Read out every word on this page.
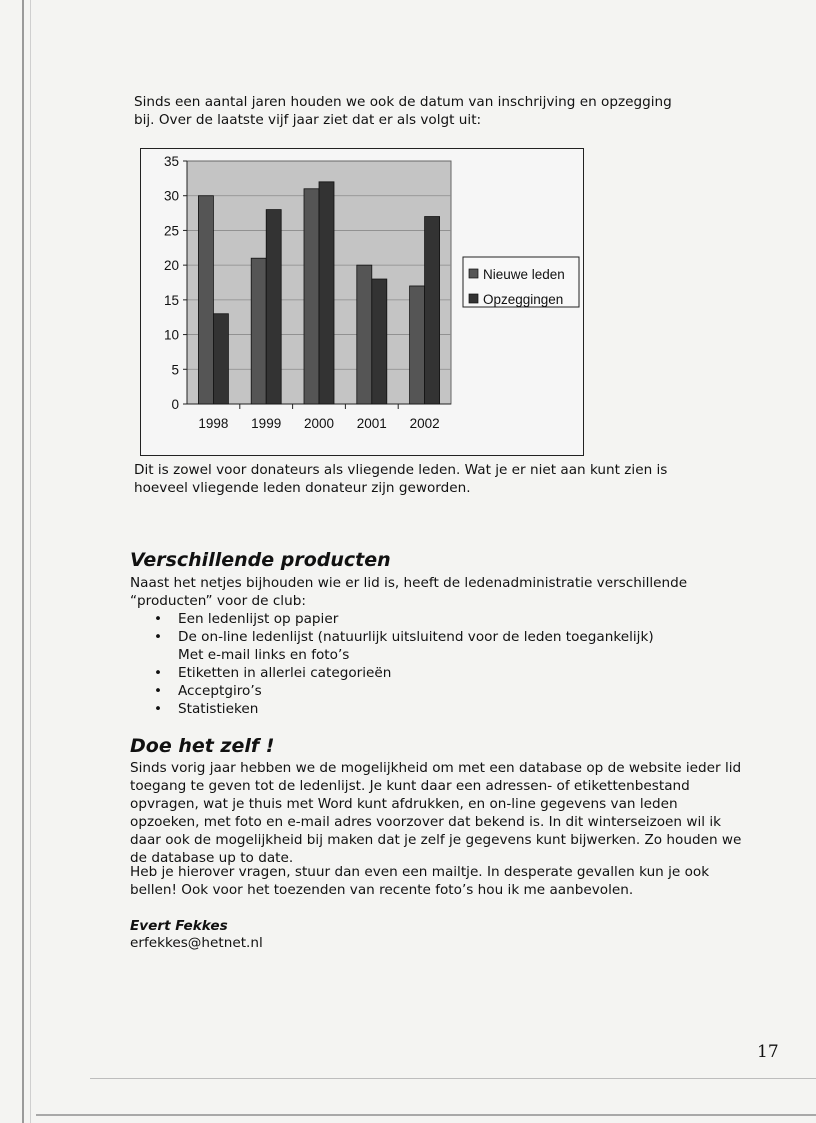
Sinds een aantal jaren houden we ook de datum van inschrijving en opzegging bij. Over de laatste vijf jaar ziet dat er als volgt uit:
0
5
10
15
20
25
30
35
1998 1999 2000 2001 2002
Nieuwe leden
Opzeggingen
Dit is zowel voor donateurs als vliegende leden. Wat je er niet aan kunt zien is hoeveel vliegende leden donateur zijn geworden.
Verschillende producten
Naast het netjes bijhouden wie er lid is, heeft de ledenadministratie verschillende “producten” voor de club:
• Een ledenlijst op papier
• De on-line ledenlijst (natuurlijk uitsluitend voor de leden toegankelijk)
Met e-mail links en foto’s
• Etiketten in allerlei categorieën
• Acceptgiro’s
• Statistieken
Doe het zelf !
Sinds vorig jaar hebben we de mogelijkheid om met een database op de website ieder lid toegang te geven tot de ledenlijst. Je kunt daar een adressen- of etikettenbestand opvragen, wat je thuis met Word kunt afdrukken, en on-line gegevens van leden opzoeken, met foto en e-mail adres voorzover dat bekend is. In dit winterseizoen wil ik daar ook de mogelijkheid bij maken dat je zelf je gegevens kunt bijwerken. Zo houden we de database up to date.
Heb je hierover vragen, stuur dan even een mailtje. In desperate gevallen kun je ook bellen! Ook voor het toezenden van recente foto’s hou ik me aanbevolen.
Evert Fekkes
erfekkes@hetnet.nl
17
